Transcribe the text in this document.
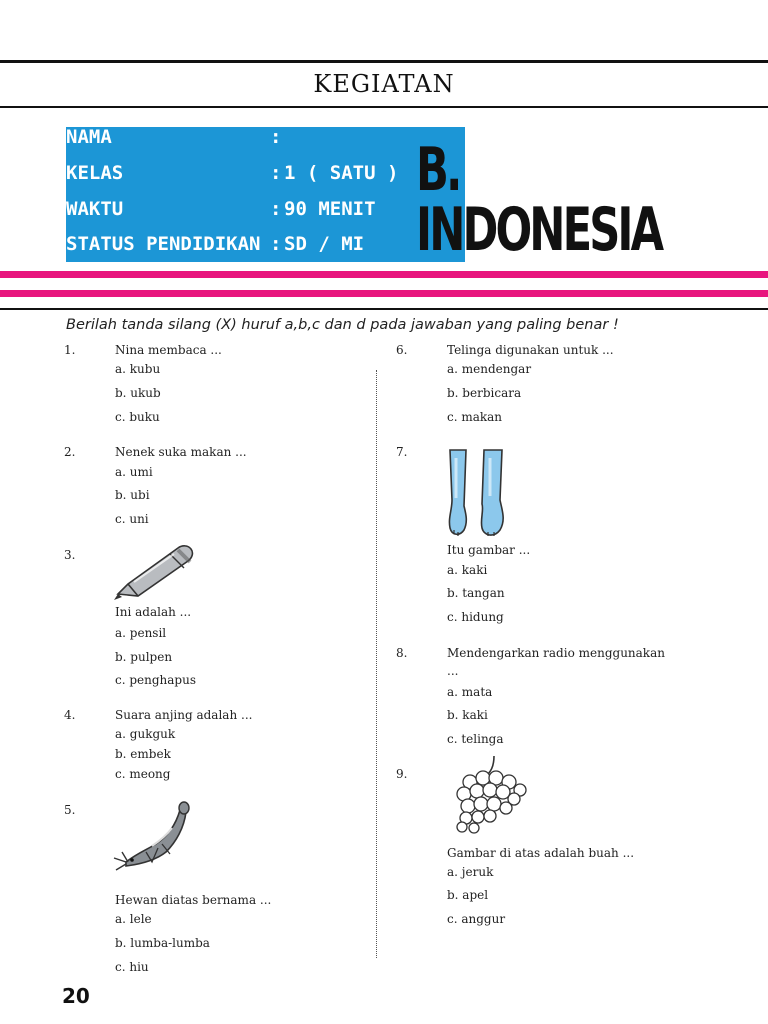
KEGIATAN
NAMA	:
KELAS	: 1 ( SATU )
WAKTU	: 90 MENIT
STATUS PENDIDIKAN : SD / MI
B. INDONESIA
Berilah tanda silang (X) huruf a,b,c dan d pada jawaban yang paling benar !
1.	Nina membaca ...
a. kubu
b. ukub
c. buku
2.	Nenek suka makan ...
a. umi
b. ubi
c. uni
3.
Ini adalah ...
a. pensil
b. pulpen
c. penghapus
4.	Suara anjing adalah ...
a. gukguk
b. embek
c. meong
5.
Hewan diatas bernama ...
a. lele
b. lumba-lumba
c. hiu
6.	Telinga digunakan untuk ...
a. mendengar
b. berbicara
c. makan
7.
Itu gambar ...
a. kaki
b. tangan
c. hidung
8.	Mendengarkan radio menggunakan
...
a. mata
b. kaki
c. telinga
9.
Gambar di atas adalah buah ...
a. jeruk
b. apel
c. anggur
20
